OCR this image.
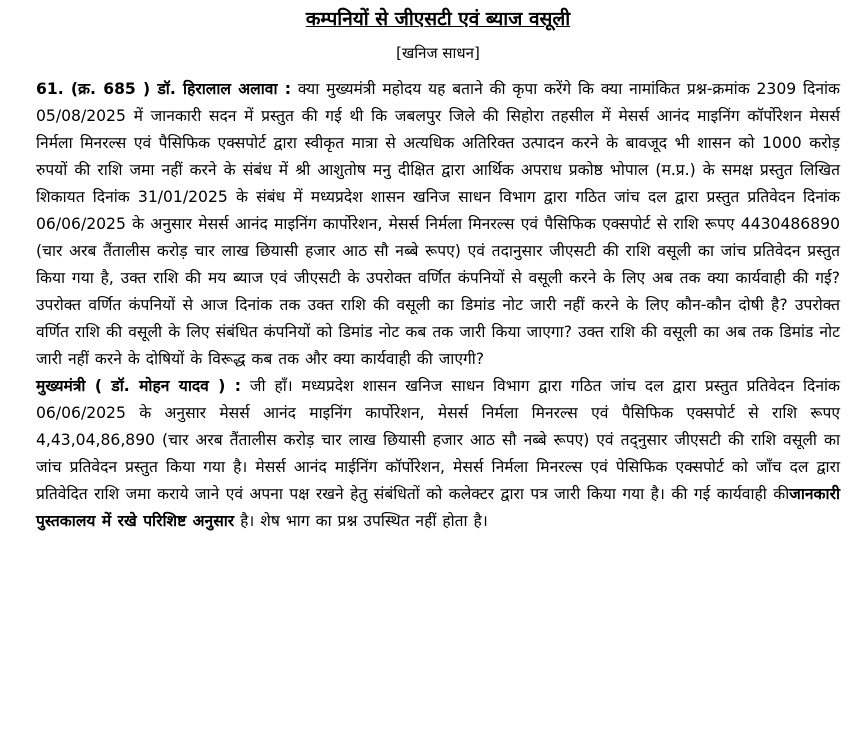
कम्पनियों से जीएसटी एवं ब्याज वसूली
[खनिज साधन]

61. (क्र. 685 ) डॉ. हिरालाल अलावा : क्या मुख्यमंत्री महोदय यह बताने की कृपा करेंगे कि क्या नामांकित प्रश्न-क्रमांक 2309 दिनांक 05/08/2025 में जानकारी सदन में प्रस्तुत की गई थी कि जबलपुर जिले की सिहोरा तहसील में मेसर्स आनंद माइनिंग कॉर्पोरेशन मेसर्स निर्मला मिनरल्स एवं पैसिफिक एक्सपोर्ट द्वारा स्वीकृत मात्रा से अत्यधिक अतिरिक्त उत्पादन करने के बावजूद भी शासन को 1000 करोड़ रुपयों की राशि जमा नहीं करने के संबंध में श्री आशुतोष मनु दीक्षित द्वारा आर्थिक अपराध प्रकोष्ठ भोपाल (म.प्र.) के समक्ष प्रस्तुत लिखित शिकायत दिनांक 31/01/2025 के संबंध में मध्यप्रदेश शासन खनिज साधन विभाग द्वारा गठित जांच दल द्वारा प्रस्तुत प्रतिवेदन दिनांक 06/06/2025 के अनुसार मेसर्स आनंद माइनिंग कार्पोरेशन, मेसर्स निर्मला मिनरल्स एवं पैसिफिक एक्सपोर्ट से राशि रूपए 4430486890 (चार अरब तैंतालीस करोड़ चार लाख छियासी हजार आठ सौ नब्बे रूपए) एवं तदानुसार जीएसटी की राशि वसूली का जांच प्रतिवेदन प्रस्तुत किया गया है, उक्त राशि की मय ब्याज एवं जीएसटी के उपरोक्त वर्णित कंपनियों से वसूली करने के लिए अब तक क्या कार्यवाही की गई? उपरोक्त वर्णित कंपनियों से आज दिनांक तक उक्त राशि की वसूली का डिमांड नोट जारी नहीं करने के लिए कौन-कौन दोषी है? उपरोक्त वर्णित राशि की वसूली के लिए संबंधित कंपनियों को डिमांड नोट कब तक जारी किया जाएगा? उक्त राशि की वसूली का अब तक डिमांड नोट जारी नहीं करने के दोषियों के विरूद्ध कब तक और क्या कार्यवाही की जाएगी?

मुख्यमंत्री ( डॉ. मोहन यादव ) : जी हाँ। मध्यप्रदेश शासन खनिज साधन विभाग द्वारा गठित जांच दल द्वारा प्रस्तुत प्रतिवेदन दिनांक 06/06/2025 के अनुसार मेसर्स आनंद माइनिंग कार्पोरेशन, मेसर्स निर्मला मिनरल्स एवं पैसिफिक एक्सपोर्ट से राशि रूपए 4,43,04,86,890 (चार अरब तैंतालीस करोड़ चार लाख छियासी हजार आठ सौ नब्बे रूपए) एवं तद्नुसार जीएसटी की राशि वसूली का जांच प्रतिवेदन प्रस्तुत किया गया है। मेसर्स आनंद माईनिंग कॉर्पोरेशन, मेसर्स निर्मला मिनरल्स एवं पेसिफिक एक्सपोर्ट को जाँच दल द्वारा प्रतिवेदित राशि जमा कराये जाने एवं अपना पक्ष रखने हेतु संबंधितों को कलेक्टर द्वारा पत्र जारी किया गया है। की गई कार्यवाही कीजानकारी पुस्तकालय में रखे परिशिष्ट अनुसार है। शेष भाग का प्रश्न उपस्थित नहीं होता है।
